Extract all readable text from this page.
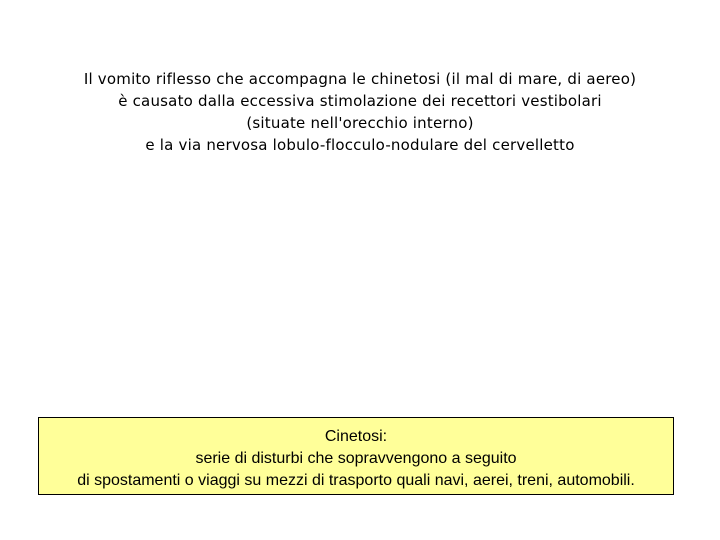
Il vomito riflesso che accompagna le chinetosi (il mal di mare, di aereo)
è causato dalla eccessiva stimolazione dei recettori vestibolari
(situate nell'orecchio interno)
e la via nervosa lobulo-flocculo-nodulare del cervelletto
Cinetosi:
serie di disturbi che sopravvengono a seguito
di spostamenti o viaggi su mezzi di trasporto quali navi, aerei, treni, automobili.
